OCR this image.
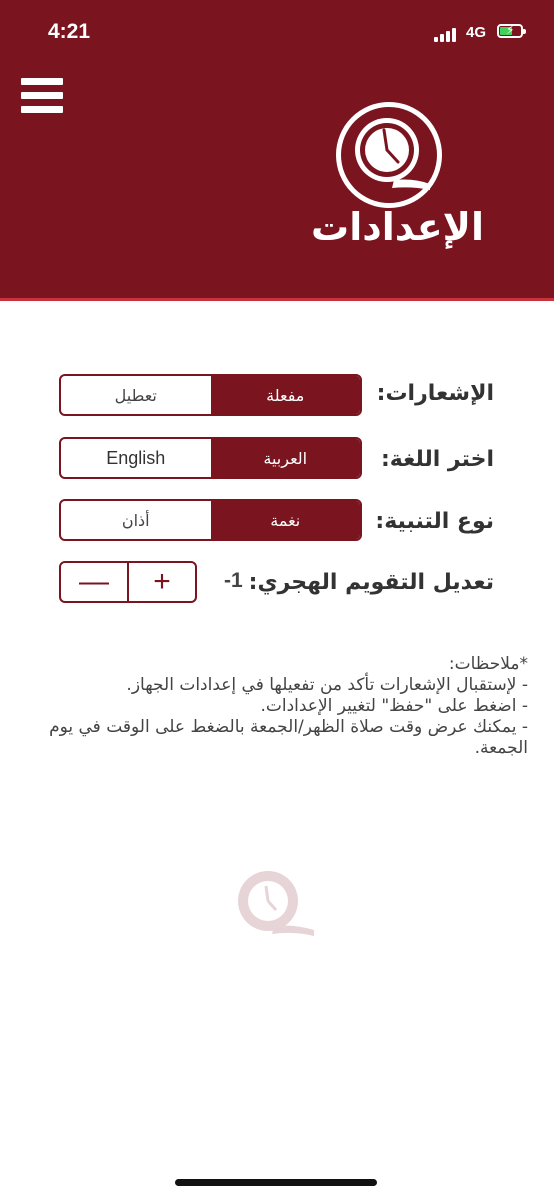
4:21	4G ⚡
الإعدادات
الإشعارات:
تعطيل	مفعلة
اختر اللغة:
English	العربية
نوع التنبية:
أذان	نغمة
تعديل التقويم الهجري:
-1
—	+
*ملاحظات:
- لإستقبال الإشعارات تأكد من تفعيلها في إعدادات الجهاز.
- اضغط على "حفظ" لتغيير الإعدادات.
- يمكنك عرض وقت صلاة الظهر/الجمعة بالضغط على الوقت في يوم الجمعة.
